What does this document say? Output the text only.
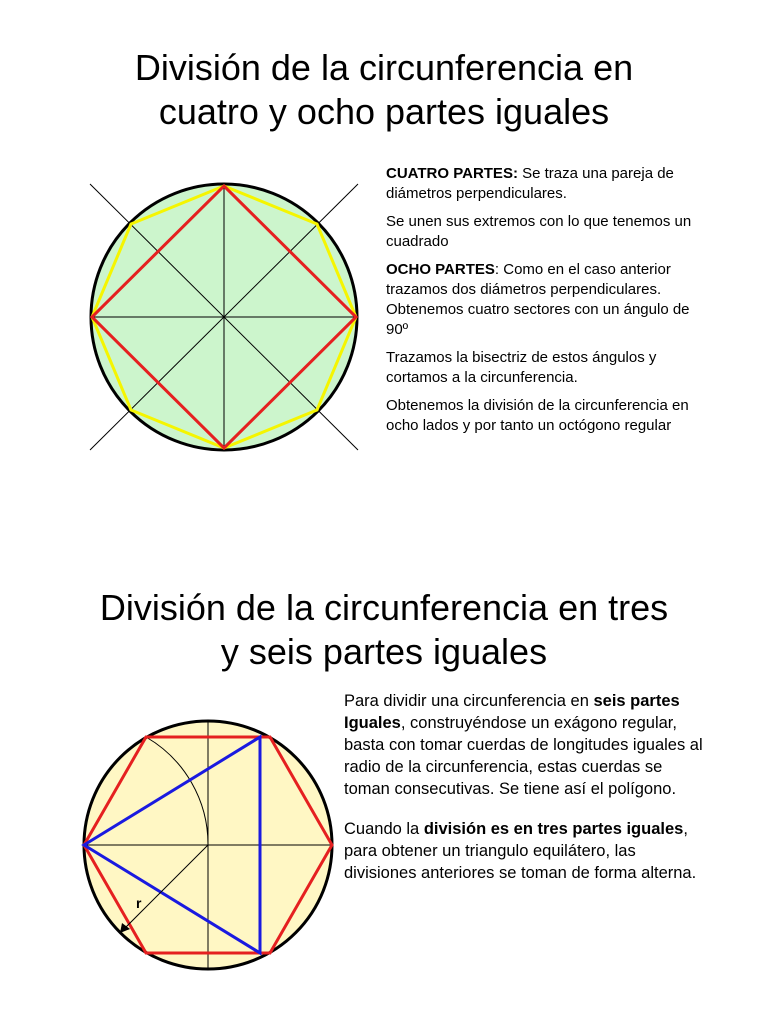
División de la circunferencia en
cuatro y ocho partes iguales

CUATRO PARTES: Se traza una pareja de diámetros perpendiculares.

Se unen sus extremos con lo que tenemos un cuadrado

OCHO PARTES: Como en el caso anterior trazamos dos diámetros perpendiculares. Obtenemos cuatro sectores con un ángulo de 90º

Trazamos la bisectriz de estos ángulos y cortamos a la circunferencia.

Obtenemos la división de la circunferencia en ocho lados y por tanto un octógono regular

División de la circunferencia en tres
y seis partes iguales
r

Para dividir una circunferencia en seis partes Iguales, construyéndose un exágono regular, basta con tomar cuerdas de longitudes iguales al radio de la circunferencia, estas cuerdas se toman consecutivas. Se tiene así el polígono.

Cuando la división es en tres partes iguales, para obtener un triangulo equilátero, las divisiones anteriores se toman de forma alterna.
